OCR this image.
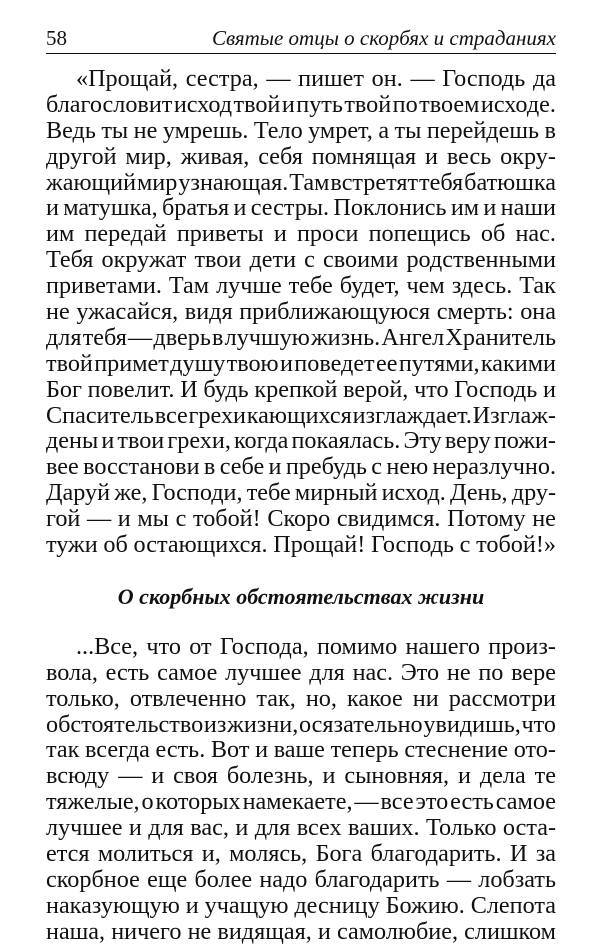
58	Святые отцы о скорбях и страданиях
«Прощай, сестра, — пишет он. — Господь да
благословит исход твой и путь твой по твоем исходе.
Ведь ты не умрешь. Тело умрет, а ты перейдешь в
другой мир, живая, себя помнящая и весь окру-
жающий мир узнающая. Там встретят тебя батюшка
и матушка, братья и сестры. Поклонись им и наши
им передай приветы и проси попещись об нас.
Тебя окружат твои дети с своими родственными
приветами. Там лучше тебе будет, чем здесь. Так
не ужасайся, видя приближающуюся смерть: она
для тебя — дверь в лучшую жизнь. Ангел Хранитель
твой примет душу твою и поведет ее путями, какими
Бог повелит. И будь крепкой верой, что Господь и
Спаситель все грехи кающихся изглаждает. Изглаж-
дены и твои грехи, когда покаялась. Эту веру пожи-
вее восстанови в себе и пребудь с нею неразлучно.
Даруй же, Господи, тебе мирный исход. День, дру-
гой — и мы с тобой! Скоро свидимся. Потому не
тужи об остающихся. Прощай! Господь с тобой!»
О скорбных обстоятельствах жизни
...Все, что от Господа, помимо нашего произ-
вола, есть самое лучшее для нас. Это не по вере
только, отвлеченно так, но, какое ни рассмотри
обстоятельство из жизни, осязательно увидишь, что
так всегда есть. Вот и ваше теперь стеснение ото-
всюду — и своя болезнь, и сыновняя, и дела те
тяжелые, о которых намекаете, — все это есть самое
лучшее и для вас, и для всех ваших. Только оста-
ется молиться и, молясь, Бога благодарить. И за
скорбное еще более надо благодарить — лобзать
наказующую и учащую десницу Божию. Слепота
наша, ничего не видящая, и самолюбие, слишком
